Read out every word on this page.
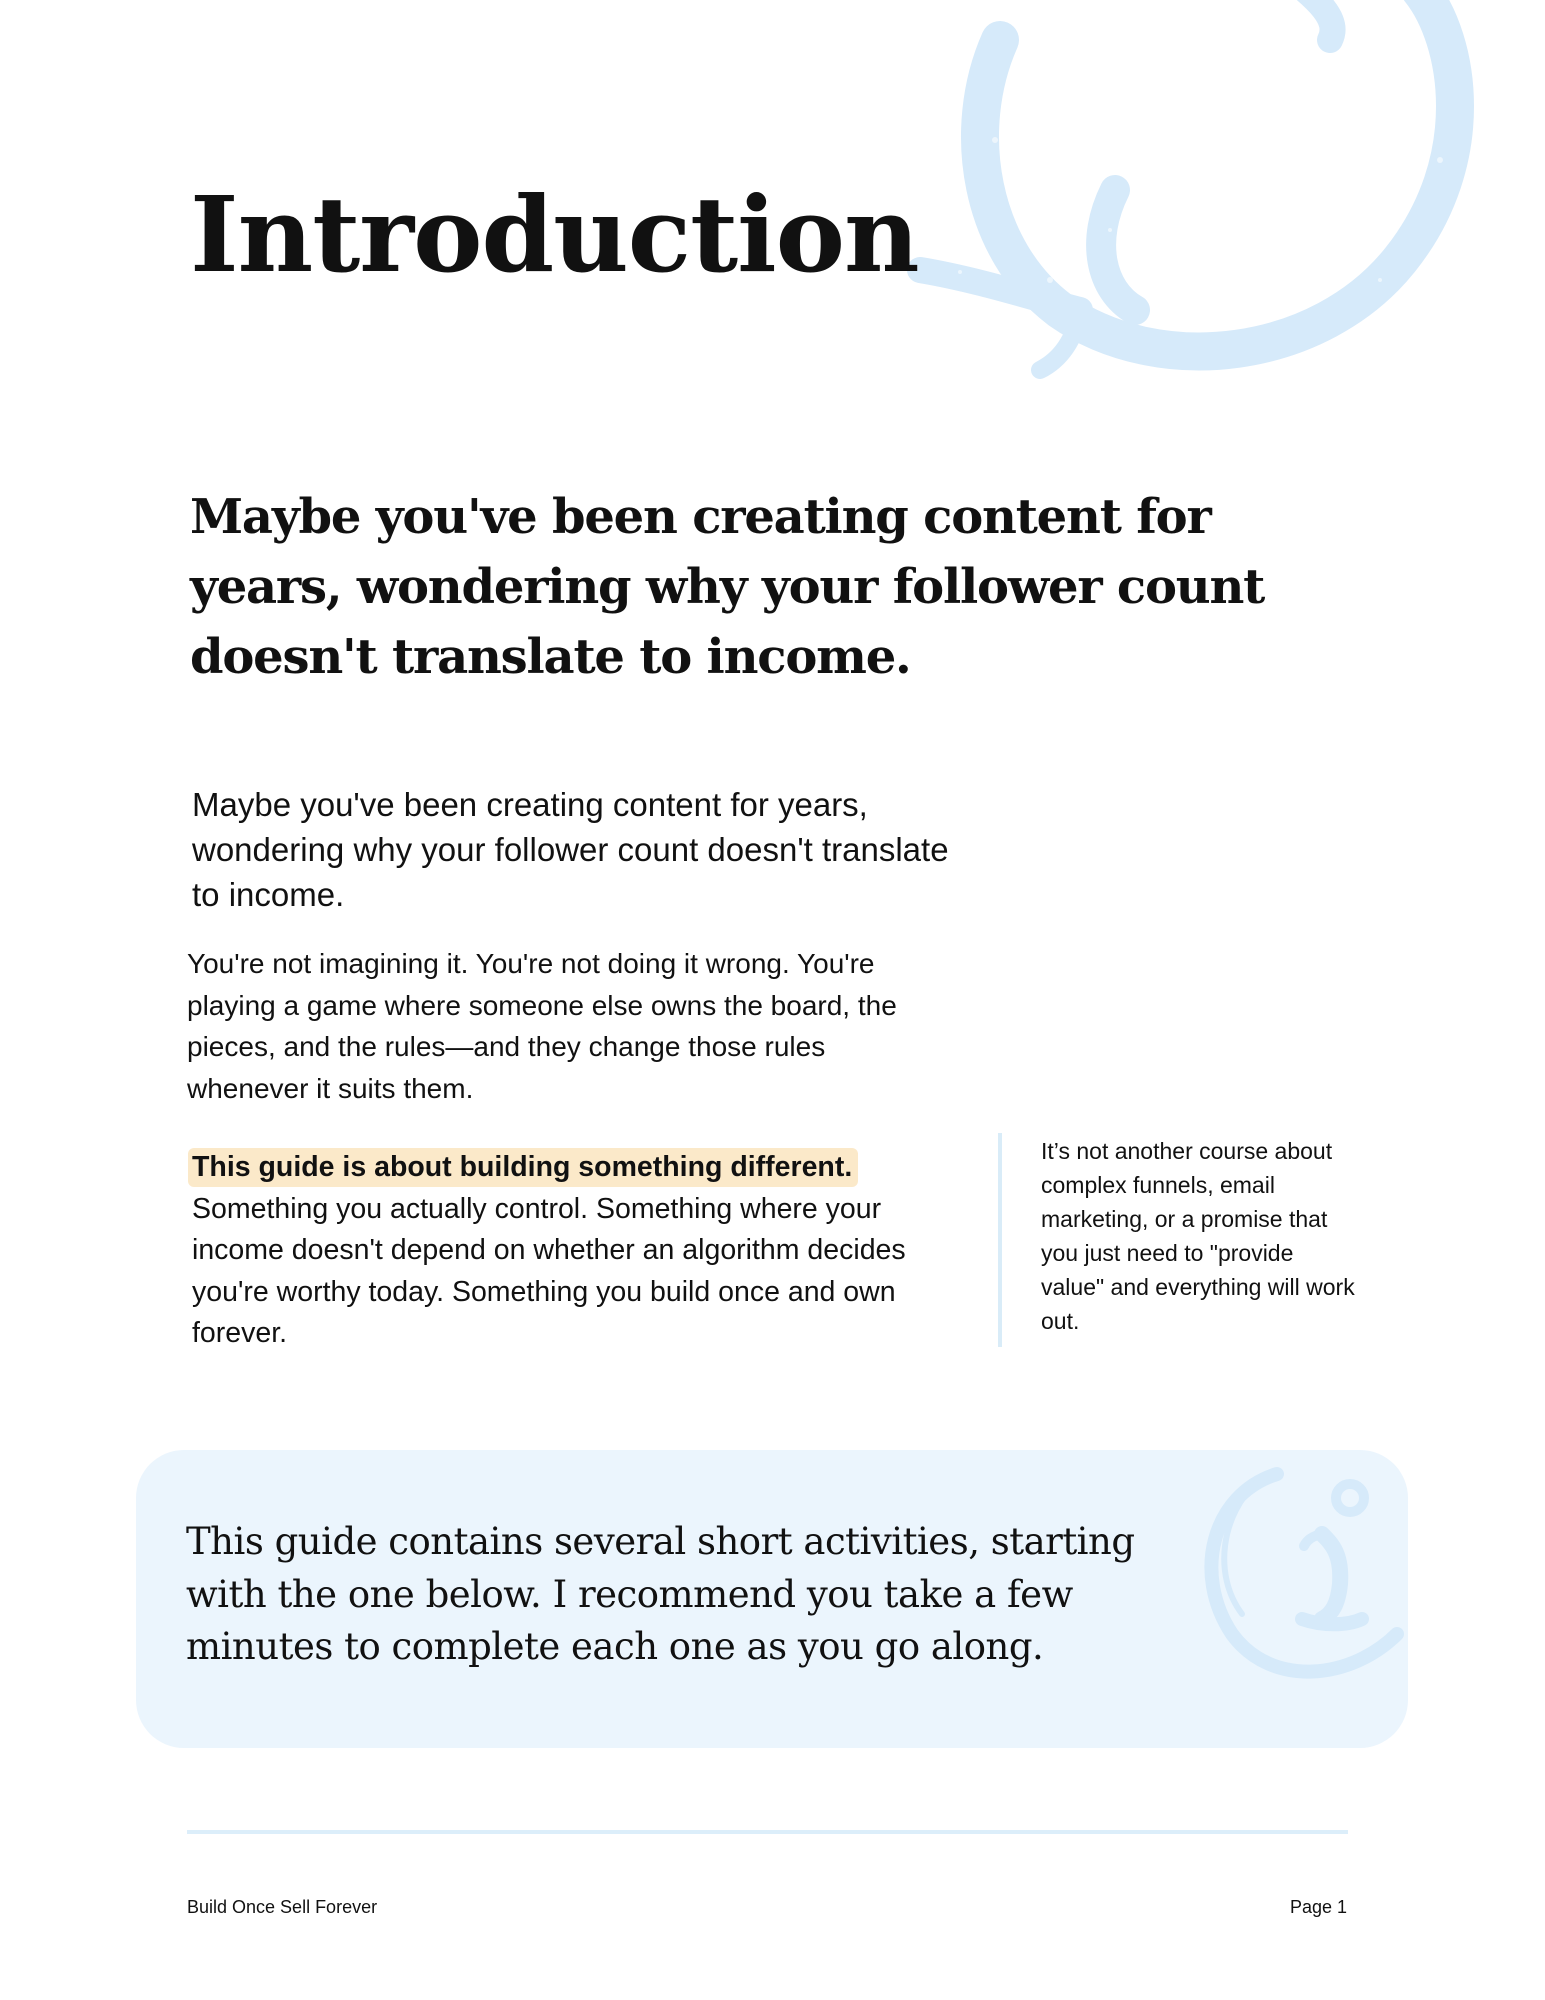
Introduction
Maybe you've been creating content for years, wondering why your follower count doesn't translate to income.

Maybe you've been creating content for years, wondering why your follower count doesn't translate to income.

You're not imagining it. You're not doing it wrong. You're playing a game where someone else owns the board, the pieces, and the rules—and they change those rules whenever it suits them.

This guide is about building something different. Something you actually control. Something where your income doesn't depend on whether an algorithm decides you're worthy today. Something you build once and own forever.

It’s not another course about complex funnels, email marketing, or a promise that you just need to "provide value" and everything will work out.

This guide contains several short activities, starting with the one below. I recommend you take a few minutes to complete each one as you go along.

Build Once Sell Forever	Page 1
